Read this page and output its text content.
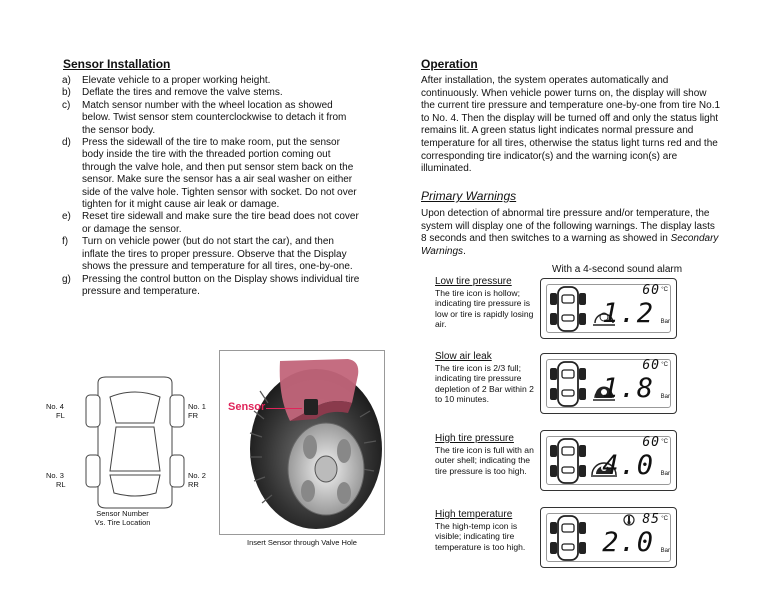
Sensor Installation
a) Elevate vehicle to a proper working height.
b) Deflate the tires and remove the valve stems.
c) Match sensor number with the wheel location as showed below. Twist sensor stem counterclockwise to detach it from the sensor body.
d) Press the sidewall of the tire to make room, put the sensor body inside the tire with the threaded portion coming out through the valve hole, and then put sensor stem back on the sensor. Make sure the sensor has a air seal washer on either side of the valve hole. Tighten sensor with socket. Do not over tighten for it might cause air leak or damage.
e) Reset tire sidewall and make sure the tire bead does not cover or damage the sensor.
f) Turn on vehicle power (but do not start the car), and then inflate the tires to proper pressure. Observe that the Display shows the pressure and temperature for all tires, one-by-one.
g) Pressing the control button on the Display shows individual tire pressure and temperature.
No. 4
FL
No. 1
FR
No. 3
RL
No. 2
RR
Sensor Number
Vs. Tire Location
Sensor
Insert Sensor through Valve Hole
Operation
After installation, the system operates automatically and continuously. When vehicle power turns on, the display will show the current tire pressure and temperature one-by-one from tire No.1 to No. 4. Then the display will be turned off and only the status light remains lit. A green status light indicates normal pressure and temperature for all tires, otherwise the status light turns red and the corresponding tire indicator(s) and the warning icon(s) are illuminated.
Primary Warnings
Upon detection of abnormal tire pressure and/or temperature, the system will display one of the following warnings. The display lasts 8 seconds and then switches to a warning as showed in Secondary Warnings.
With a 4-second sound alarm
Low tire pressure
The tire icon is hollow; indicating tire pressure is low or tire is rapidly losing air.
60 °C
1.2 Bar
Slow air leak
The tire icon is 2/3 full; indicating tire pressure depletion of 2 Bar within 2 to 10 minutes.
60 °C
1.8 Bar
High tire pressure
The tire icon is full with an outer shell; indicating the tire pressure is too high.
60 °C
4.0 Bar
High temperature
The high-temp icon is visible; indicating tire temperature is too high.
85 °C
2.0 Bar
